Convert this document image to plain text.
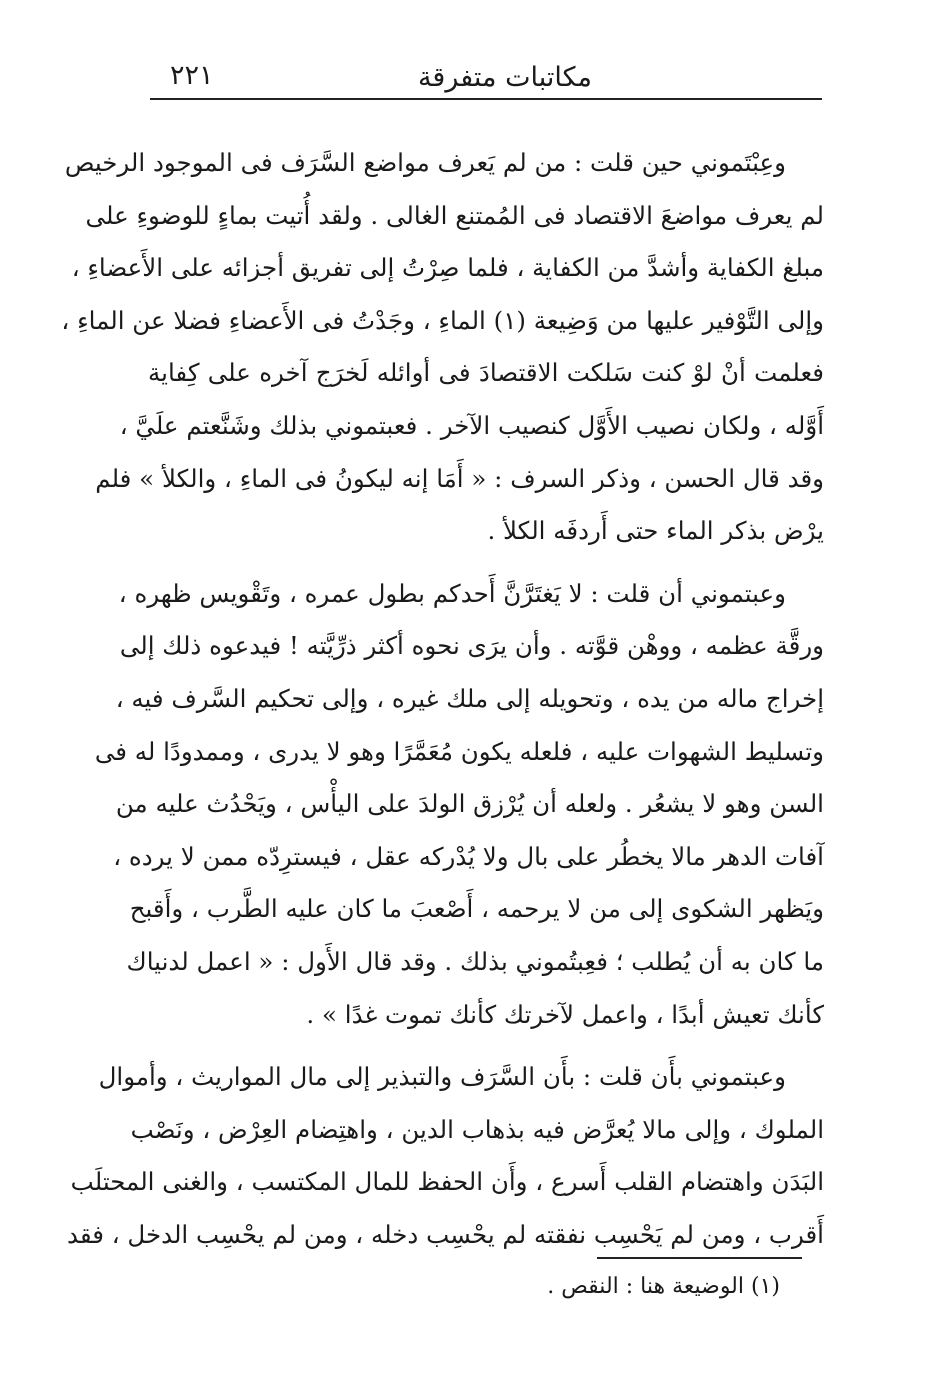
مكاتبات متفرقة
٢٢١
وعِبْتَموني حين قلت : من لم يَعرف مواضع السَّرَف فى الموجود الرخيص
لم يعرف مواضعَ الاقتصاد فى المُمتنع الغالى . ولقد أُتيت بماءٍ للوضوءِ على
مبلغ الكفاية وأشدَّ من الكفاية ، فلما صِرْتُ إلى تفريق أجزائه على الأَعضاءِ ،
وإلى التَّوْفير عليها من وَضِيعة (١) الماءِ ، وجَدْتُ فى الأَعضاءِ فضلا عن الماءِ ،
فعلمت أنْ لوْ كنت سَلكت الاقتصادَ فى أوائله لَخرَج آخره على كِفاية
أَوَّله ، ولكان نصيب الأَوَّل كنصيب الآخر . فعبتموني بذلك وشَنَّعتم علَيَّ ،
وقد قال الحسن ، وذكر السرف : « أَمَا إنه ليكونُ فى الماءِ ، والكلأ » فلم
يرْض بذكر الماء حتى أَردفَه الكلأ .
وعبتموني أن قلت : لا يَغتَرَّنَّ أَحدكم بطول عمره ، وتَقْويس ظهره ،
ورقَّة عظمه ، ووهْن قوَّته . وأن يرَى نحوه أكثر ذرِّيَّته ! فيدعوه ذلك إلى
إخراج ماله من يده ، وتحويله إلى ملك غيره ، وإلى تحكيم السَّرف فيه ،
وتسليط الشهوات عليه ، فلعله يكون مُعَمَّرًا وهو لا يدرى ، وممدودًا له فى
السن وهو لا يشعُر . ولعله أن يُرْزق الولدَ على اليأْس ، ويَحْدُث عليه من
آفات الدهر مالا يخطُر على بال ولا يُدْركه عقل ، فيسترِدّه ممن لا يرده ،
ويَظهر الشكوى إلى من لا يرحمه ، أَصْعبَ ما كان عليه الطَّرب ، وأَقبح
ما كان به أن يُطلب ؛ فعِبتُموني بذلك . وقد قال الأَول : « اعمل لدنياك
كأنك تعيش أبدًا ، واعمل لآخرتك كأنك تموت غدًا » .
وعبتموني بأَن قلت : بأَن السَّرَف والتبذير إلى مال المواريث ، وأموال
الملوك ، وإلى مالا يُعرَّض فيه بذهاب الدين ، واهتِضام العِرْض ، ونَصْب
البَدَن واهتضام القلب أَسرع ، وأَن الحفظ للمال المكتسب ، والغنى المحتلَب
أَقرب ، ومن لم يَحْسِب نفقته لم يحْسِب دخله ، ومن لم يحْسِب الدخل ، فقد
(١) الوضيعة هنا : النقص .
